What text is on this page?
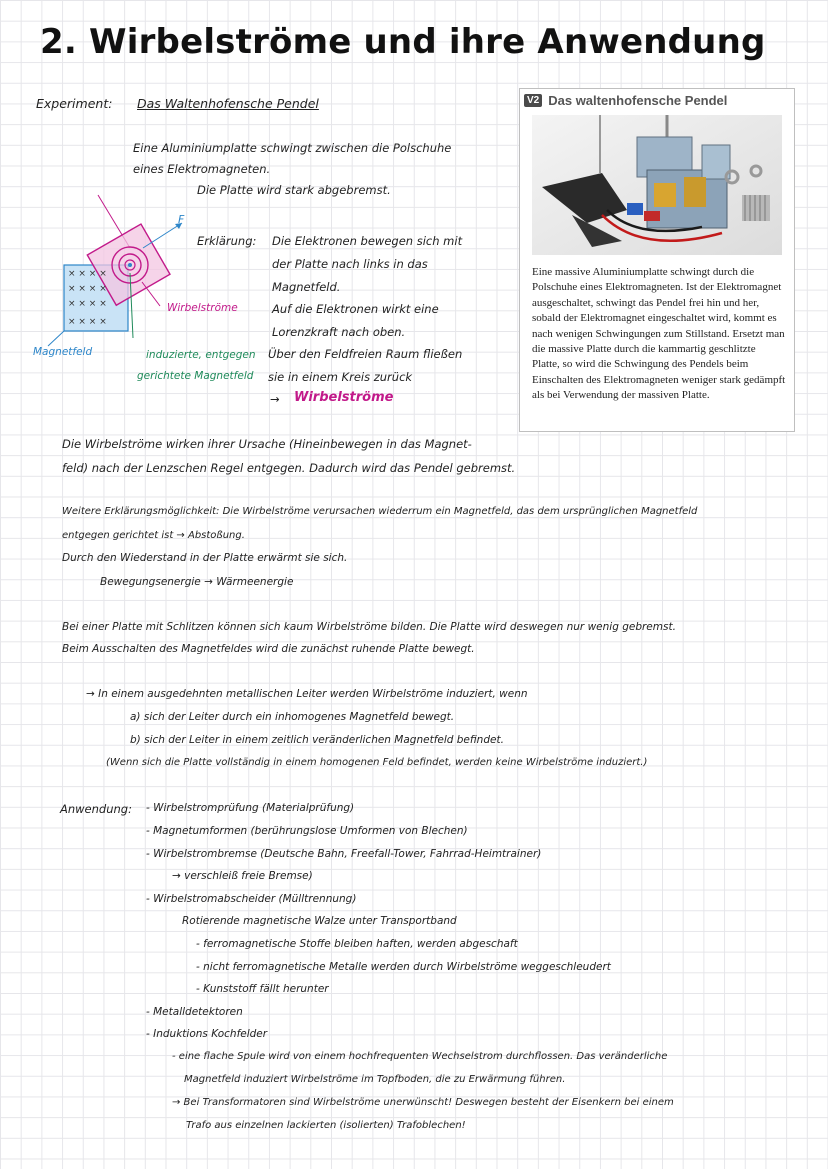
2. Wirbelströme und ihre Anwendung
Experiment: Das Waltenhofensche Pendel
Eine Aluminiumplatte schwingt zwischen die Polschuhe
eines Elektromagneten.
Die Platte wird stark abgebremst.
× × × ×
× × × ×
× × × ×
× × × ×
F
Wirbelströme
induzierte, entgegen
gerichtete Magnetfeld
Magnetfeld
Erklärung: Die Elektronen bewegen sich mit
der Platte nach links in das
Magnetfeld.
Auf die Elektronen wirkt eine
Lorenzkraft nach oben.
Über den Feldfreien Raum fließen
sie in einem Kreis zurück
→ Wirbelströme
V2 Das waltenhofensche Pendel
Eine massive Aluminiumplatte schwingt durch die Polschuhe eines Elektromagneten. Ist der Elektromagnet ausgeschaltet, schwingt das Pendel frei hin und her, sobald der Elektromagnet eingeschaltet wird, kommt es nach wenigen Schwingungen zum Stillstand. Ersetzt man die massive Platte durch die kammartig geschlitzte Platte, so wird die Schwingung des Pendels beim Einschalten des Elektromagneten weniger stark gedämpft als bei Verwendung der massiven Platte.
Die Wirbelströme wirken ihrer Ursache (Hineinbewegen in das Magnet-
feld) nach der Lenzschen Regel entgegen. Dadurch wird das Pendel gebremst.
Weitere Erklärungsmöglichkeit: Die Wirbelströme verursachen wiederrum ein Magnetfeld, das dem ursprünglichen Magnetfeld
entgegen gerichtet ist → Abstoßung.
Durch den Wiederstand in der Platte erwärmt sie sich.
Bewegungsenergie → Wärmeenergie
Bei einer Platte mit Schlitzen können sich kaum Wirbelströme bilden. Die Platte wird deswegen nur wenig gebremst.
Beim Ausschalten des Magnetfeldes wird die zunächst ruhende Platte bewegt.
→ In einem ausgedehnten metallischen Leiter werden Wirbelströme induziert, wenn
a) sich der Leiter durch ein inhomogenes Magnetfeld bewegt.
b) sich der Leiter in einem zeitlich veränderlichen Magnetfeld befindet.
(Wenn sich die Platte vollständig in einem homogenen Feld befindet, werden keine Wirbelströme induziert.)
Anwendung: - Wirbelstromprüfung (Materialprüfung)
- Magnetumformen (berührungslose Umformen von Blechen)
- Wirbelstrombremse (Deutsche Bahn, Freefall-Tower, Fahrrad-Heimtrainer)
→ verschleiß freie Bremse)
- Wirbelstromabscheider (Mülltrennung)
Rotierende magnetische Walze unter Transportband
- ferromagnetische Stoffe bleiben haften, werden abgeschaft
- nicht ferromagnetische Metalle werden durch Wirbelströme weggeschleudert
- Kunststoff fällt herunter
- Metalldetektoren
- Induktions Kochfelder
- eine flache Spule wird von einem hochfrequenten Wechselstrom durchflossen. Das veränderliche
Magnetfeld induziert Wirbelströme im Topfboden, die zu Erwärmung führen.
→ Bei Transformatoren sind Wirbelströme unerwünscht! Deswegen besteht der Eisenkern bei einem
Trafo aus einzelnen lackierten (isolierten) Trafoblechen!
